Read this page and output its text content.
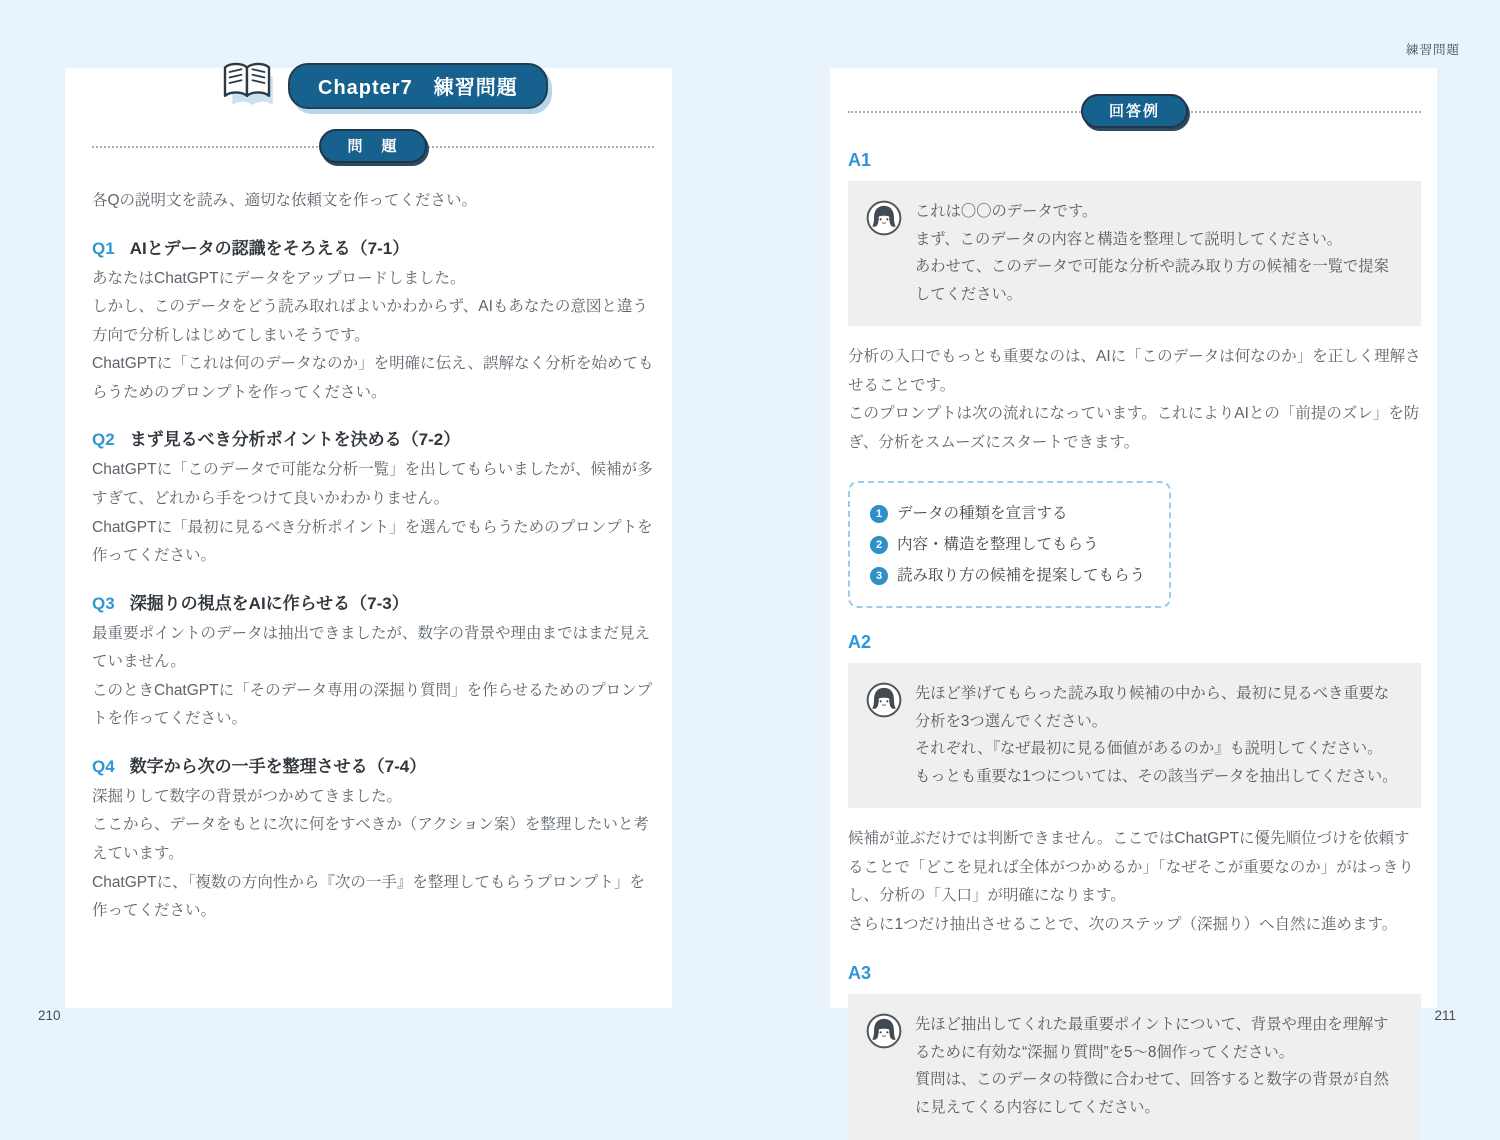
練習問題
Chapter7　練習問題
問　題

各Qの説明文を読み、適切な依頼文を作ってください。

Q1 AIとデータの認識をそろえる（7-1）

あなたはChatGPTにデータをアップロードしました。

しかし、このデータをどう読み取ればよいかわからず、AIもあなたの意図と違う方向で分析しはじめてしまいそうです。

ChatGPTに「これは何のデータなのか」を明確に伝え、誤解なく分析を始めてもらうためのプロンプトを作ってください。

Q2 まず見るべき分析ポイントを決める（7-2）

ChatGPTに「このデータで可能な分析一覧」を出してもらいましたが、候補が多すぎて、どれから手をつけて良いかわかりません。

ChatGPTに「最初に見るべき分析ポイント」を選んでもらうためのプロンプトを作ってください。

Q3 深掘りの視点をAIに作らせる（7-3）

最重要ポイントのデータは抽出できましたが、数字の背景や理由まではまだ見えていません。

このときChatGPTに「そのデータ専用の深掘り質問」を作らせるためのプロンプトを作ってください。

Q4 数字から次の一手を整理させる（7-4）

深掘りして数字の背景がつかめてきました。

ここから、データをもとに次に何をすべきか（アクション案）を整理したいと考えています。

ChatGPTに、「複数の方向性から『次の一手』を整理してもらうプロンプト」を作ってください。

回答例
A1

これは〇〇のデータです。

まず、このデータの内容と構造を整理して説明してください。

あわせて、このデータで可能な分析や読み取り方の候補を一覧で提案してください。

分析の入口でもっとも重要なのは、AIに「このデータは何なのか」を正しく理解させることです。

このプロンプトは次の流れになっています。これによりAIとの「前提のズレ」を防ぎ、分析をスムーズにスタートできます。

1 データの種類を宣言する
2 内容・構造を整理してもらう
3 読み取り方の候補を提案してもらう
A2

先ほど挙げてもらった読み取り候補の中から、最初に見るべき重要な分析を3つ選んでください。

それぞれ、『なぜ最初に見る価値があるのか』も説明してください。

もっとも重要な1つについては、その該当データを抽出してください。

候補が並ぶだけでは判断できません。ここではChatGPTに優先順位づけを依頼することで「どこを見れば全体がつかめるか」「なぜそこが重要なのか」がはっきりし、分析の「入口」が明確になります。

さらに1つだけ抽出させることで、次のステップ（深掘り）へ自然に進めます。

A3

先ほど抽出してくれた最重要ポイントについて、背景や理由を理解するために有効な“深掘り質問”を5〜8個作ってください。

質問は、このデータの特徴に合わせて、回答すると数字の背景が自然に見えてくる内容にしてください。

210	211
